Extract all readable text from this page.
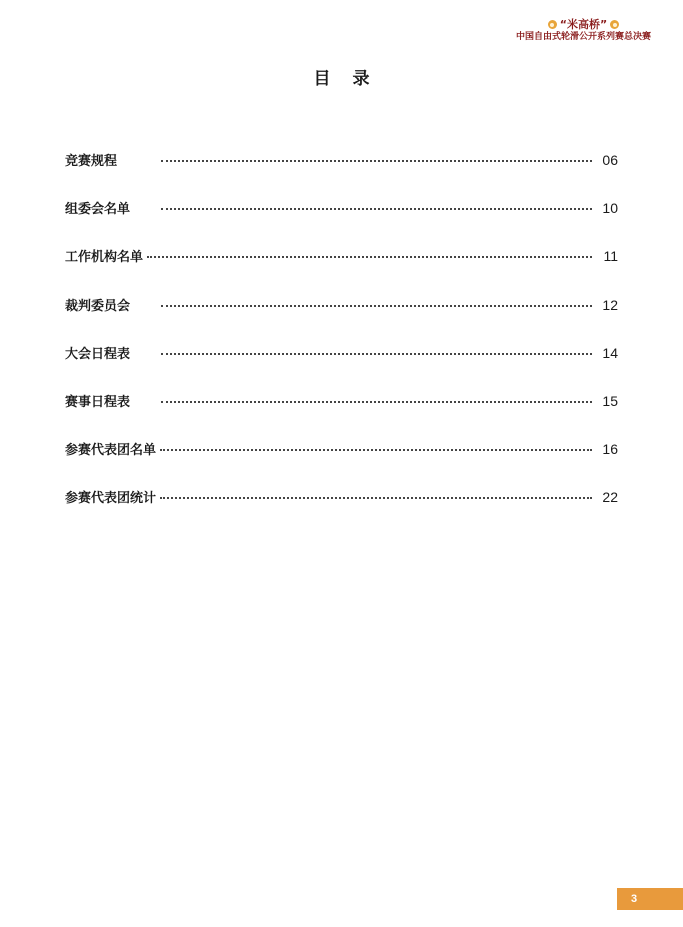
“米高桥”
中国自由式轮滑公开系列赛总决赛
目 录
竞赛规程	06
组委会名单	10
工作机构名单	11
裁判委员会	12
大会日程表	14
赛事日程表	15
参赛代表团名单	16
参赛代表团统计	22
3
